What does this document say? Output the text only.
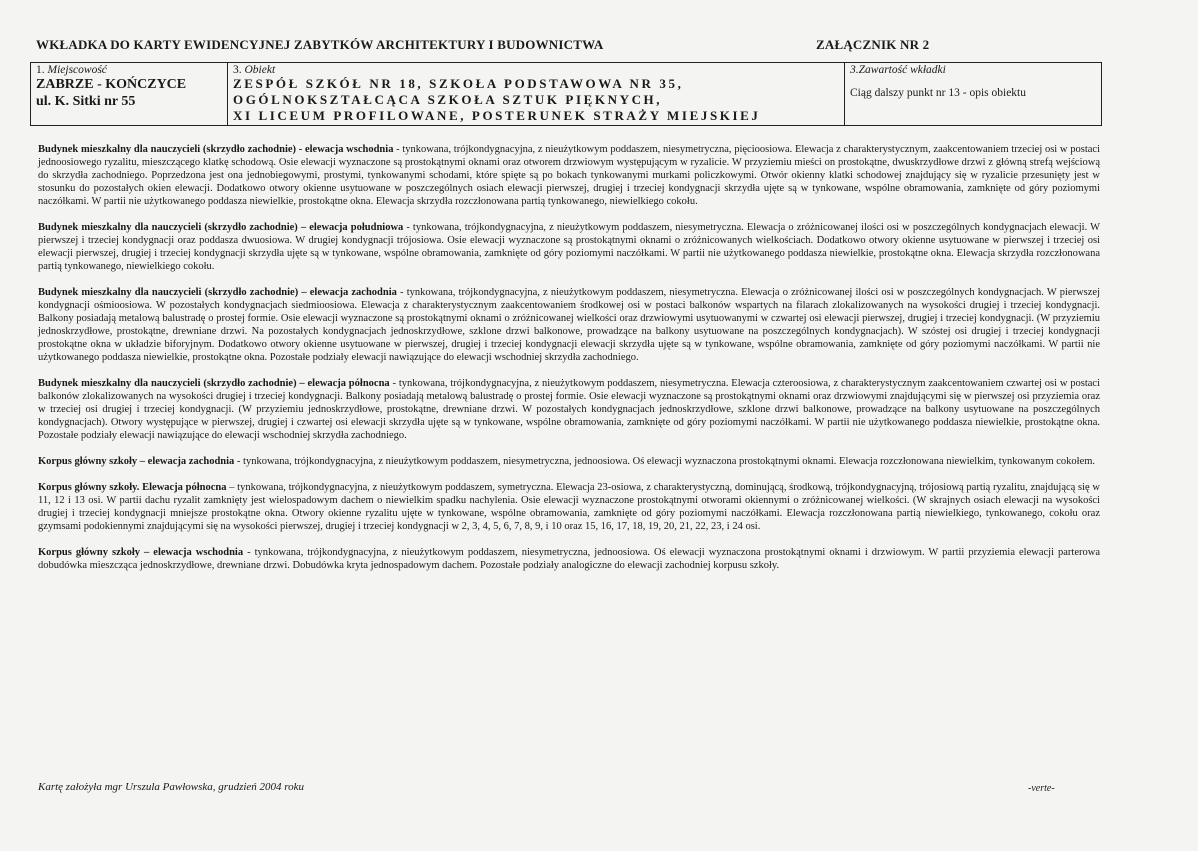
WKŁADKA DO KARTY EWIDENCYJNEJ ZABYTKÓW ARCHITEKTURY I BUDOWNICTWA	ZAŁĄCZNIK NR 2
1. Miejscowość
ZABRZE - KOŃCZYCE
ul. K. Sitki nr 55

3. Obiekt
ZESPÓŁ SZKÓŁ NR 18, SZKOŁA PODSTAWOWA NR 35,
OGÓLNOKSZTAŁCĄCA SZKOŁA SZTUK PIĘKNYCH,
XI LICEUM PROFILOWANE, POSTERUNEK STRAŻY MIEJSKIEJ

3.Zawartość wkładki
Ciąg dalszy punkt nr 13 - opis obiektu

Budynek mieszkalny dla nauczycieli (skrzydło zachodnie) - elewacja wschodnia - tynkowana, trójkondygnacyjna, z nieużytkowym poddaszem, niesymetryczna, pięcioosiowa. Elewacja z charakterystycznym, zaakcentowaniem trzeciej osi w postaci jednoosiowego ryzalitu, mieszczącego klatkę schodową. Osie elewacji wyznaczone są prostokątnymi oknami oraz otworem drzwiowym występującym w ryzalicie. W przyziemiu mieści on prostokątne, dwuskrzydłowe drzwi z główną strefą wejściową do skrzydła zachodniego. Poprzedzona jest ona jednobiegowymi, prostymi, tynkowanymi schodami, które spięte są po bokach tynkowanymi murkami policzkowymi. Otwór okienny klatki schodowej znajdujący się w ryzalicie przesunięty jest w stosunku do pozostałych okien elewacji. Dodatkowo otwory okienne usytuowane w poszczególnych osiach elewacji pierwszej, drugiej i trzeciej kondygnacji skrzydła ujęte są w tynkowane, wspólne obramowania, zamknięte od góry poziomymi naczółkami. W partii nie użytkowanego poddasza niewielkie, prostokątne okna. Elewacja skrzydła rozczłonowana partią tynkowanego, niewielkiego cokołu.

Budynek mieszkalny dla nauczycieli (skrzydło zachodnie) – elewacja południowa - tynkowana, trójkondygnacyjna, z nieużytkowym poddaszem, niesymetryczna. Elewacja o zróżnicowanej ilości osi w poszczególnych kondygnacjach elewacji. W pierwszej i trzeciej kondygnacji oraz poddasza dwuosiowa. W drugiej kondygnacji trójosiowa. Osie elewacji wyznaczone są prostokątnymi oknami o zróżnicowanych wielkościach. Dodatkowo otwory okienne usytuowane w pierwszej i trzeciej osi elewacji pierwszej, drugiej i trzeciej kondygnacji skrzydła ujęte są w tynkowane, wspólne obramowania, zamknięte od góry poziomymi naczółkami. W partii nie użytkowanego poddasza niewielkie, prostokątne okna. Elewacja skrzydła rozczłonowana partią tynkowanego, niewielkiego cokołu.

Budynek mieszkalny dla nauczycieli (skrzydło zachodnie) – elewacja zachodnia - tynkowana, trójkondygnacyjna, z nieużytkowym poddaszem, niesymetryczna. Elewacja o zróżnicowanej ilości osi w poszczególnych kondygnacjach. W pierwszej kondygnacji ośmioosiowa. W pozostałych kondygnacjach siedmioosiowa. Elewacja z charakterystycznym zaakcentowaniem środkowej osi w postaci balkonów wspartych na filarach zlokalizowanych na wysokości drugiej i trzeciej kondygnacji. Balkony posiadają metalową balustradę o prostej formie. Osie elewacji wyznaczone są prostokątnymi oknami o zróżnicowanej wielkości oraz drzwiowymi usytuowanymi w czwartej osi elewacji pierwszej, drugiej i trzeciej kondygnacji. (W przyziemiu jednoskrzydłowe, prostokątne, drewniane drzwi. Na pozostałych kondygnacjach jednoskrzydłowe, szklone drzwi balkonowe, prowadzące na balkony usytuowane na poszczególnych kondygnacjach). W szóstej osi drugiej i trzeciej kondygnacji prostokątne okna w układzie biforyjnym. Dodatkowo otwory okienne usytuowane w pierwszej, drugiej i trzeciej kondygnacji elewacji skrzydła ujęte są w tynkowane, wspólne obramowania, zamknięte od góry poziomymi naczółkami. W partii nie użytkowanego poddasza niewielkie, prostokątne okna. Pozostałe podziały elewacji nawiązujące do elewacji wschodniej skrzydła zachodniego.

Budynek mieszkalny dla nauczycieli (skrzydło zachodnie) – elewacja północna - tynkowana, trójkondygnacyjna, z nieużytkowym poddaszem, niesymetryczna. Elewacja czteroosiowa, z charakterystycznym zaakcentowaniem czwartej osi w postaci balkonów zlokalizowanych na wysokości drugiej i trzeciej kondygnacji. Balkony posiadają metalową balustradę o prostej formie. Osie elewacji wyznaczone są prostokątnymi oknami oraz drzwiowymi znajdującymi się w pierwszej osi przyziemia oraz w trzeciej osi drugiej i trzeciej kondygnacji. (W przyziemiu jednoskrzydłowe, prostokątne, drewniane drzwi. W pozostałych kondygnacjach jednoskrzydłowe, szklone drzwi balkonowe, prowadzące na balkony usytuowane na poszczególnych kondygnacjach). Otwory występujące w pierwszej, drugiej i czwartej osi elewacji skrzydła ujęte są w tynkowane, wspólne obramowania, zamknięte od góry poziomymi naczółkami. W partii nie użytkowanego poddasza niewielkie, prostokątne okna. Pozostałe podziały elewacji nawiązujące do elewacji wschodniej skrzydła zachodniego.

Korpus główny szkoły – elewacja zachodnia - tynkowana, trójkondygnacyjna, z nieużytkowym poddaszem, niesymetryczna, jednoosiowa. Oś elewacji wyznaczona prostokątnymi oknami. Elewacja rozczłonowana niewielkim, tynkowanym cokołem.

Korpus główny szkoły. Elewacja północna – tynkowana, trójkondygnacyjna, z nieużytkowym poddaszem, symetryczna. Elewacja 23-osiowa, z charakterystyczną, dominującą, środkową, trójkondygnacyjną, trójosiową partią ryzalitu, znajdującą się w 11, 12 i 13 osi. W partii dachu ryzalit zamknięty jest wielospadowym dachem o niewielkim spadku nachylenia. Osie elewacji wyznaczone prostokątnymi otworami okiennymi o zróżnicowanej wielkości. (W skrajnych osiach elewacji na wysokości drugiej i trzeciej kondygnacji mniejsze prostokątne okna. Otwory okienne ryzalitu ujęte w tynkowane, wspólne obramowania, zamknięte od góry poziomymi naczółkami. Elewacja rozczłonowana partią niewielkiego, tynkowanego, cokołu oraz gzymsami podokiennymi znajdującymi się na wysokości pierwszej, drugiej i trzeciej kondygnacji w 2, 3, 4, 5, 6, 7, 8, 9, i 10 oraz 15, 16, 17, 18, 19, 20, 21, 22, 23, i 24 osi.

Korpus główny szkoły – elewacja wschodnia - tynkowana, trójkondygnacyjna, z nieużytkowym poddaszem, niesymetryczna, jednoosiowa. Oś elewacji wyznaczona prostokątnymi oknami i drzwiowym. W partii przyziemia elewacji parterowa dobudówka mieszcząca jednoskrzydłowe, drewniane drzwi. Dobudówka kryta jednospadowym dachem. Pozostałe podziały analogiczne do elewacji zachodniej korpusu szkoły.

Kartę założyła mgr Urszula Pawłowska, grudzień 2004 roku	-verte-
